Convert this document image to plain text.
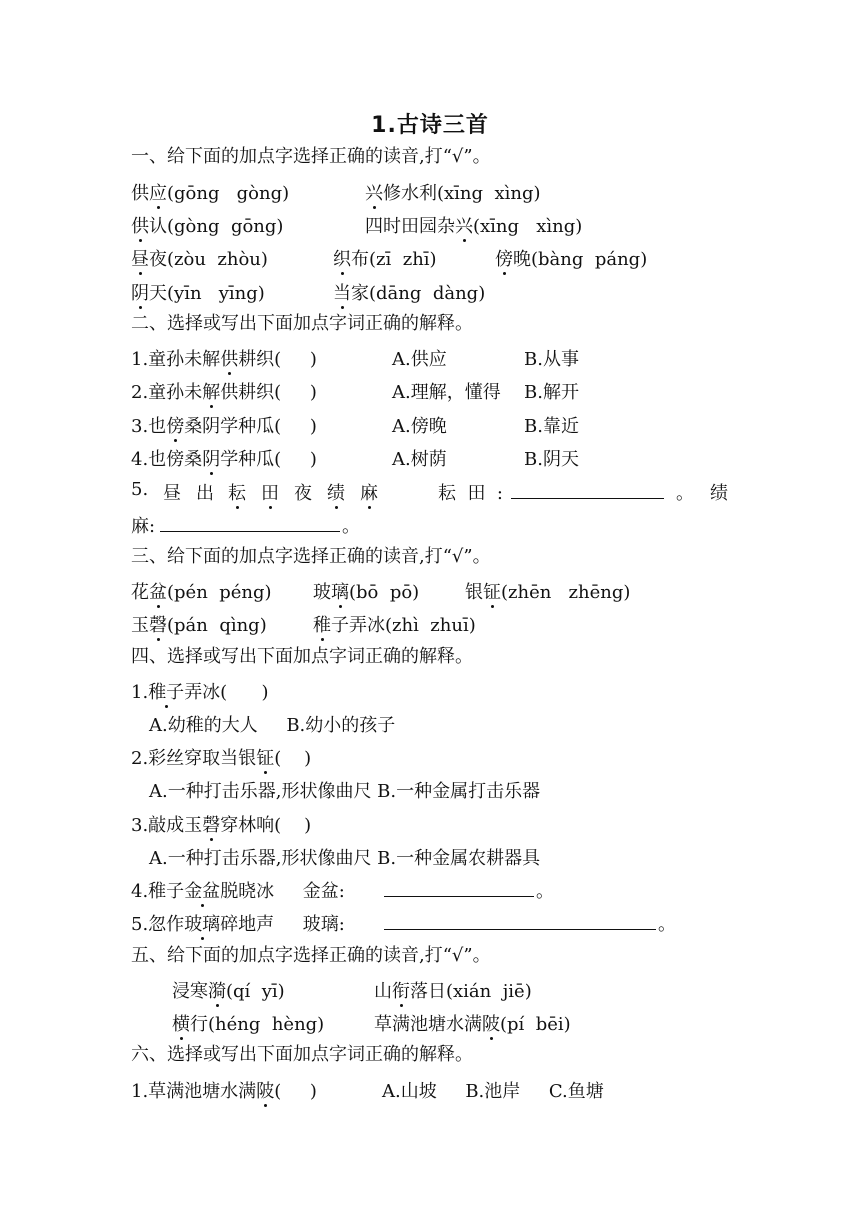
1.古诗三首
一、给下面的加点字选择正确的读音,打“√”。
供应(gōng   gòng)	兴修水利(xīng  xìng)
供认(gòng  gōng)	四时田园杂兴(xīng   xìng)
昼夜(zòu  zhòu)	织布(zī  zhī)	傍晚(bàng  páng)
阴天(yīn   yīng)	当家(dāng  dàng)
二、选择或写出下面加点字词正确的解释。
1.童孙未解供耕织(     )	A.供应	B.从事
2.童孙未解供耕织(     )	A.理解，懂得 B.解开
3.也傍桑阴学种瓜(     )	A.傍晚	B.靠近
4.也傍桑阴学种瓜(     )	A.树荫	B.阴天
5. 昼 出 耘 田 夜 绩 麻	耘  田  :	。 绩
麻:	。
三、给下面的加点字选择正确的读音,打“√”。
花盆(pén  péng) 玻璃(bō  pō)	银钲(zhēn   zhēng)
玉磬(pán  qìng)	稚子弄冰(zhì  zhuī)
四、选择或写出下面加点字词正确的解释。
1.稚子弄冰(      )
A.幼稚的大人     B.幼小的孩子
2.彩丝穿取当银钲(    )
A.一种打击乐器,形状像曲尺 B.一种金属打击乐器
3.敲成玉磬穿林响(    )
A.一种打击乐器,形状像曲尺 B.一种金属农耕器具
4.稚子金盆脱晓冰     金盆:	。
5.忽作玻璃碎地声     玻璃:	。
五、给下面的加点字选择正确的读音,打“√”。
浸寒漪(qí  yī)	山衔落日(xián  jiē)
横行(héng  hèng)	草满池塘水满陂(pí  bēi)
六、选择或写出下面加点字词正确的解释。
1.草满池塘水满陂(     )	A.山坡     B.池岸     C.鱼塘
